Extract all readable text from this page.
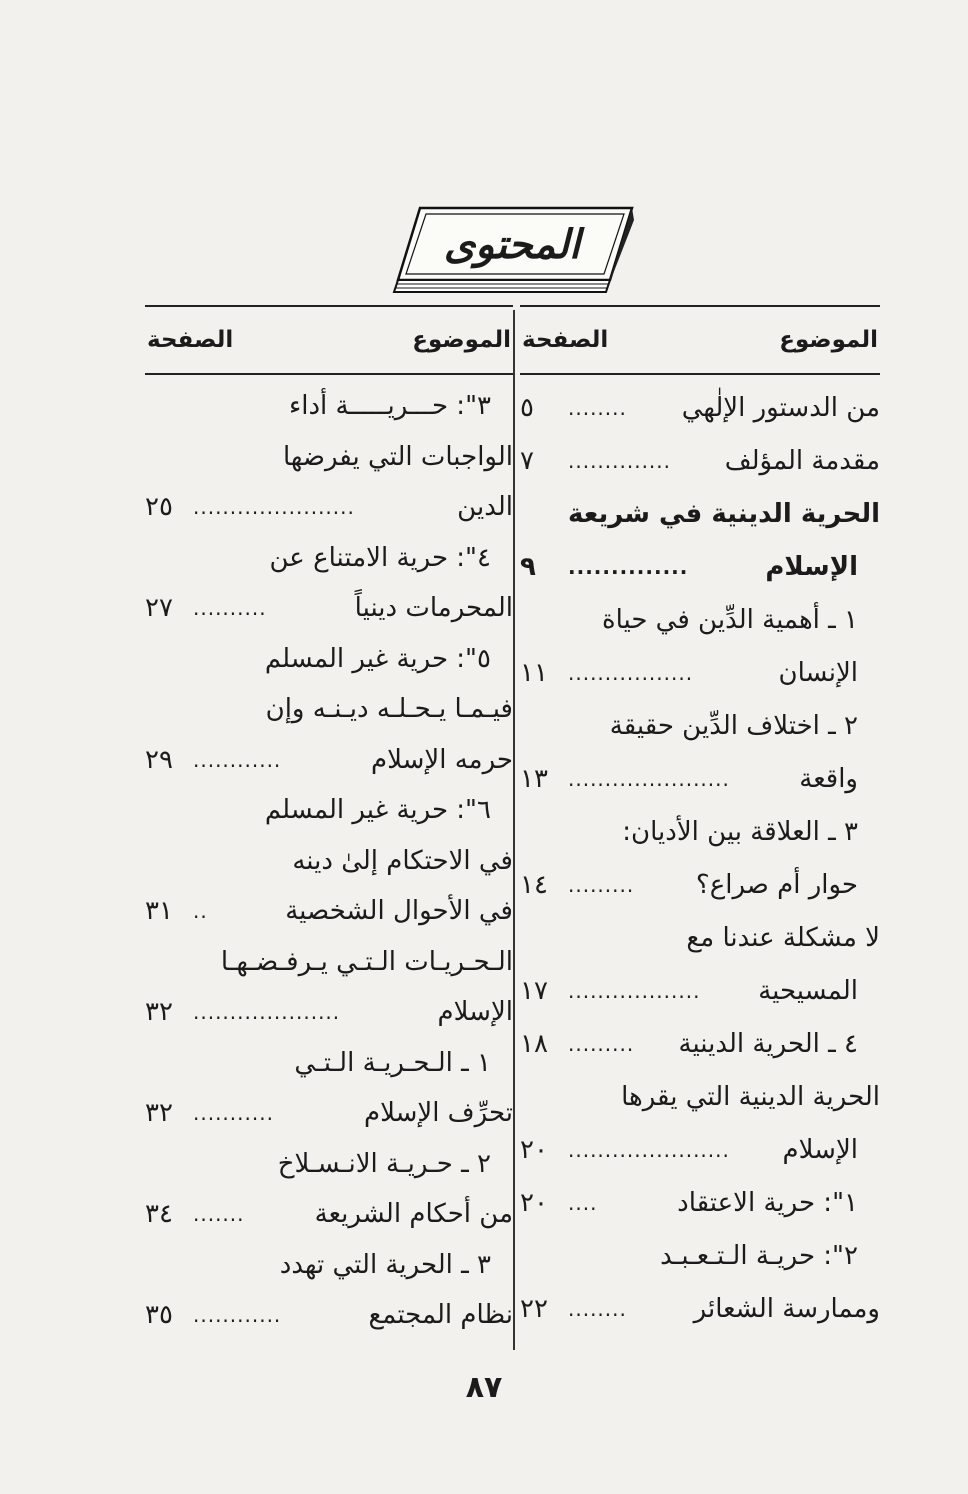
المحتوى
الموضوع
الصفحة
من الدستور الإلٰهي
........
٥
مقدمة المؤلف
..............
٧
الحرية الدينية في شريعة
الإسلام
..............
٩
١ ـ أهمية الدِّين في حياة
الإنسان
.................
١١
٢ ـ اختلاف الدِّين حقيقة
واقعة
......................
١٣
٣ ـ العلاقة بين الأديان:
حوار أم صراع؟
.........
١٤
لا مشكلة عندنا مع
المسيحية
..................
١٧
٤ ـ الحرية الدينية
.........
١٨
الحرية الدينية التي يقرها
الإسلام
......................
٢٠
١": حرية الاعتقاد
....
٢٠
٢": حريـة الـتـعـبـد
وممارسة الشعائر
........
٢٢
الموضوع
الصفحة
٣": حـــريـــــة أداء
الواجبات التي يفرضها
الدين
......................
٢٥
٤": حرية الامتناع عن
المحرمات دينياً
..........
٢٧
٥": حرية غير المسلم
فيـمـا يـحـلـه ديـنـه وإن
حرمه الإسلام
............
٢٩
٦": حرية غير المسلم
في الاحتكام إلىٰ دينه
في الأحوال الشخصية
..
٣١
الـحـريـات الـتـي يـرفـضـهـا
الإسلام
....................
٣٢
١ ـ الـحـريـة الـتـي
تحرِّف الإسلام
...........
٣٢
٢ ـ حـريـة الانـسـلاخ
من أحكام الشريعة
.......
٣٤
٣ ـ الحرية التي تهدد
نظام المجتمع
............
٣٥
٨٧
